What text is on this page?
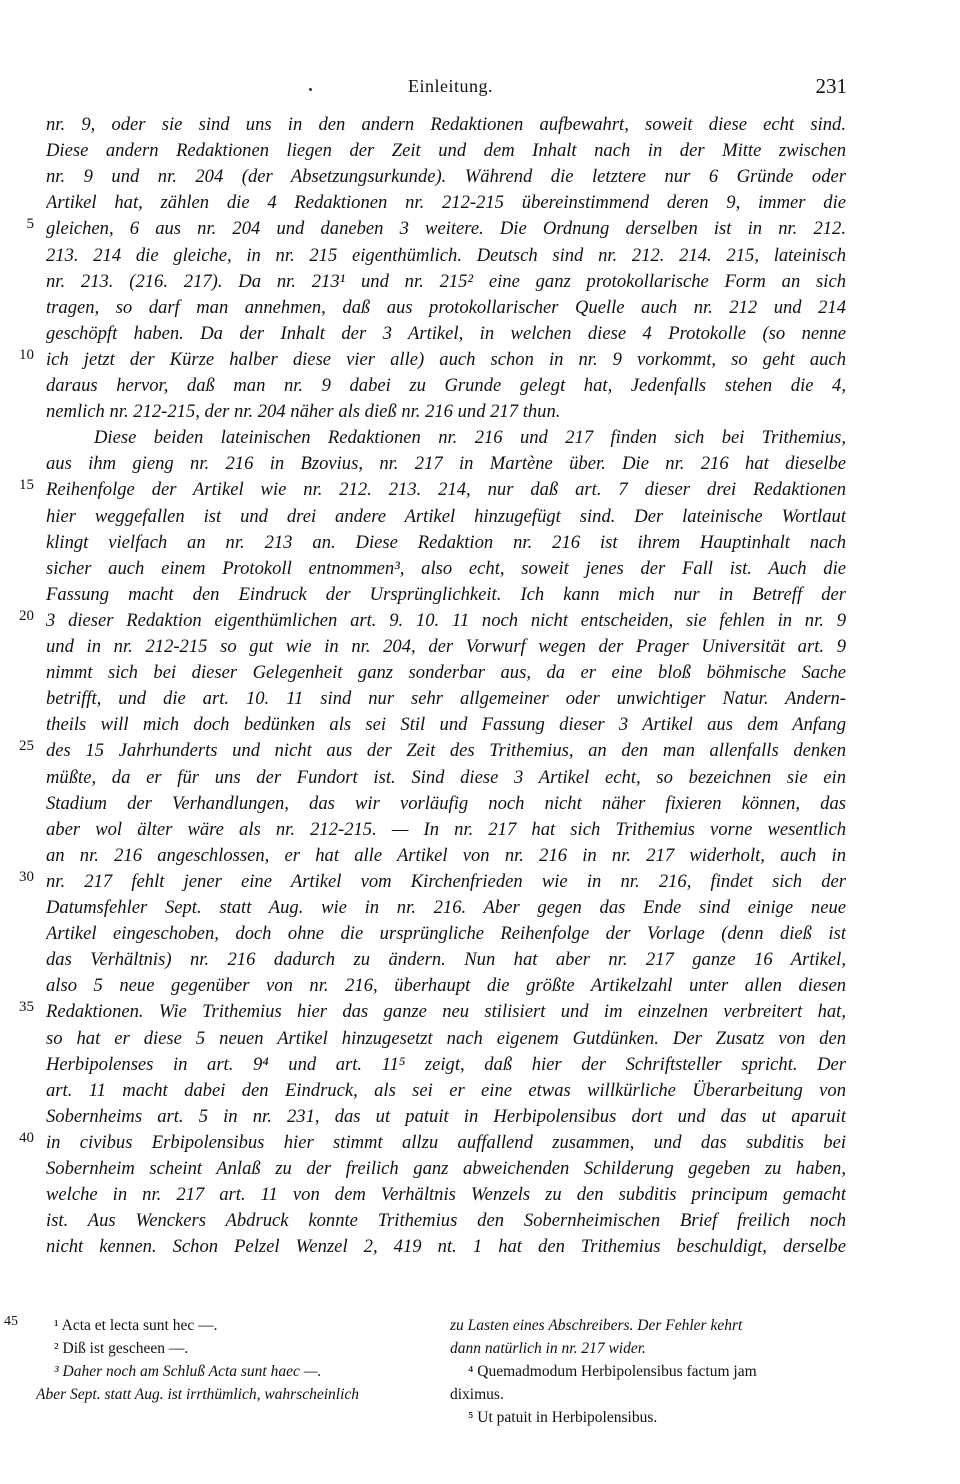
Einleitung.	231
nr. 9, oder sie sind uns in den andern Redaktionen aufbewahrt, soweit diese echt sind.
Diese andern Redaktionen liegen der Zeit und dem Inhalt nach in der Mitte zwischen
nr. 9 und nr. 204 (der Absetzungsurkunde). Während die letztere nur 6 Gründe oder
Artikel hat, zählen die 4 Redaktionen nr. 212-215 übereinstimmend deren 9, immer die
gleichen, 6 aus nr. 204 und daneben 3 weitere. Die Ordnung derselben ist in nr. 212.
5
213. 214 die gleiche, in nr. 215 eigenthümlich. Deutsch sind nr. 212. 214. 215, lateinisch
nr. 213. (216. 217). Da nr. 213¹ und nr. 215² eine ganz protokollarische Form an sich
tragen, so darf man annehmen, daß aus protokollarischer Quelle auch nr. 212 und 214
geschöpft haben. Da der Inhalt der 3 Artikel, in welchen diese 4 Protokolle (so nenne
ich jetzt der Kürze halber diese vier alle) auch schon in nr. 9 vorkommt, so geht auch
10
daraus hervor, daß man nr. 9 dabei zu Grunde gelegt hat, Jedenfalls stehen die 4,
nemlich nr. 212-215, der nr. 204 näher als dieß nr. 216 und 217 thun.
Diese beiden lateinischen Redaktionen nr. 216 und 217 finden sich bei Trithemius,
aus ihm gieng nr. 216 in Bzovius, nr. 217 in Martène über. Die nr. 216 hat dieselbe
Reihenfolge der Artikel wie nr. 212. 213. 214, nur daß art. 7 dieser drei Redaktionen
15
hier weggefallen ist und drei andere Artikel hinzugefügt sind. Der lateinische Wortlaut
klingt vielfach an nr. 213 an. Diese Redaktion nr. 216 ist ihrem Hauptinhalt nach
sicher auch einem Protokoll entnommen³, also echt, soweit jenes der Fall ist. Auch die
Fassung macht den Eindruck der Ursprünglichkeit. Ich kann mich nur in Betreff der
3 dieser Redaktion eigenthümlichen art. 9. 10. 11 noch nicht entscheiden, sie fehlen in nr. 9
20
und in nr. 212-215 so gut wie in nr. 204, der Vorwurf wegen der Prager Universität art. 9
nimmt sich bei dieser Gelegenheit ganz sonderbar aus, da er eine bloß böhmische Sache
betrifft, und die art. 10. 11 sind nur sehr allgemeiner oder unwichtiger Natur. Andern-
theils will mich doch bedünken als sei Stil und Fassung dieser 3 Artikel aus dem Anfang
des 15 Jahrhunderts und nicht aus der Zeit des Trithemius, an den man allenfalls denken
25
müßte, da er für uns der Fundort ist. Sind diese 3 Artikel echt, so bezeichnen sie ein
Stadium der Verhandlungen, das wir vorläufig noch nicht näher fixieren können, das
aber wol älter wäre als nr. 212-215. — In nr. 217 hat sich Trithemius vorne wesentlich
an nr. 216 angeschlossen, er hat alle Artikel von nr. 216 in nr. 217 widerholt, auch in
nr. 217 fehlt jener eine Artikel vom Kirchenfrieden wie in nr. 216, findet sich der
30
Datumsfehler Sept. statt Aug. wie in nr. 216. Aber gegen das Ende sind einige neue
Artikel eingeschoben, doch ohne die ursprüngliche Reihenfolge der Vorlage (denn dieß ist
das Verhältnis) nr. 216 dadurch zu ändern. Nun hat aber nr. 217 ganze 16 Artikel,
also 5 neue gegenüber von nr. 216, überhaupt die größte Artikelzahl unter allen diesen
Redaktionen. Wie Trithemius hier das ganze neu stilisiert und im einzelnen verbreitert hat,
35
so hat er diese 5 neuen Artikel hinzugesetzt nach eigenem Gutdünken. Der Zusatz von den
Herbipolenses in art. 9⁴ und art. 11⁵ zeigt, daß hier der Schriftsteller spricht. Der
art. 11 macht dabei den Eindruck, als sei er eine etwas willkürliche Überarbeitung von
Sobernheims art. 5 in nr. 231, das ut patuit in Herbipolensibus dort und das ut aparuit
in civibus Erbipolensibus hier stimmt allzu auffallend zusammen, und das subditis bei
40
Sobernheim scheint Anlaß zu der freilich ganz abweichenden Schilderung gegeben zu haben,
welche in nr. 217 art. 11 von dem Verhältnis Wenzels zu den subditis principum gemacht
ist. Aus Wenckers Abdruck konnte Trithemius den Sobernheimischen Brief freilich noch
nicht kennen. Schon Pelzel Wenzel 2, 419 nt. 1 hat den Trithemius beschuldigt, derselbe
45	¹ Acta et lecta sunt hec —.
² Diß ist gescheen —.
³ Daher noch am Schluß Acta sunt haec —.
Aber Sept. statt Aug. ist irrthümlich, wahrscheinlich
zu Lasten eines Abschreibers. Der Fehler kehrt
dann natürlich in nr. 217 wider.
⁴ Quemadmodum Herbipolensibus factum jam
diximus.
⁵ Ut patuit in Herbipolensibus.
